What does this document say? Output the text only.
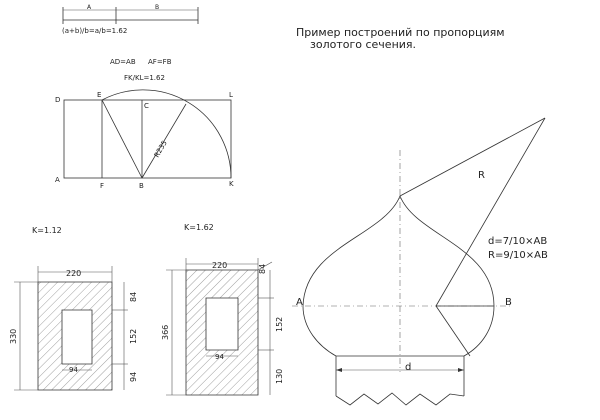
Пример построений по пропорциям
золотого сечения.
A	B
(a+b)/b=a/b=1.62
AD=AB AF=FB
FK/KL=1.62
R235
D
E
C
L
A
F	B	K
K=1.12
220
330
84
152
94
94
K=1.62
220
366
84
152
130
94
R
d=7/10×AB
R=9/10×AB
A	B
d
